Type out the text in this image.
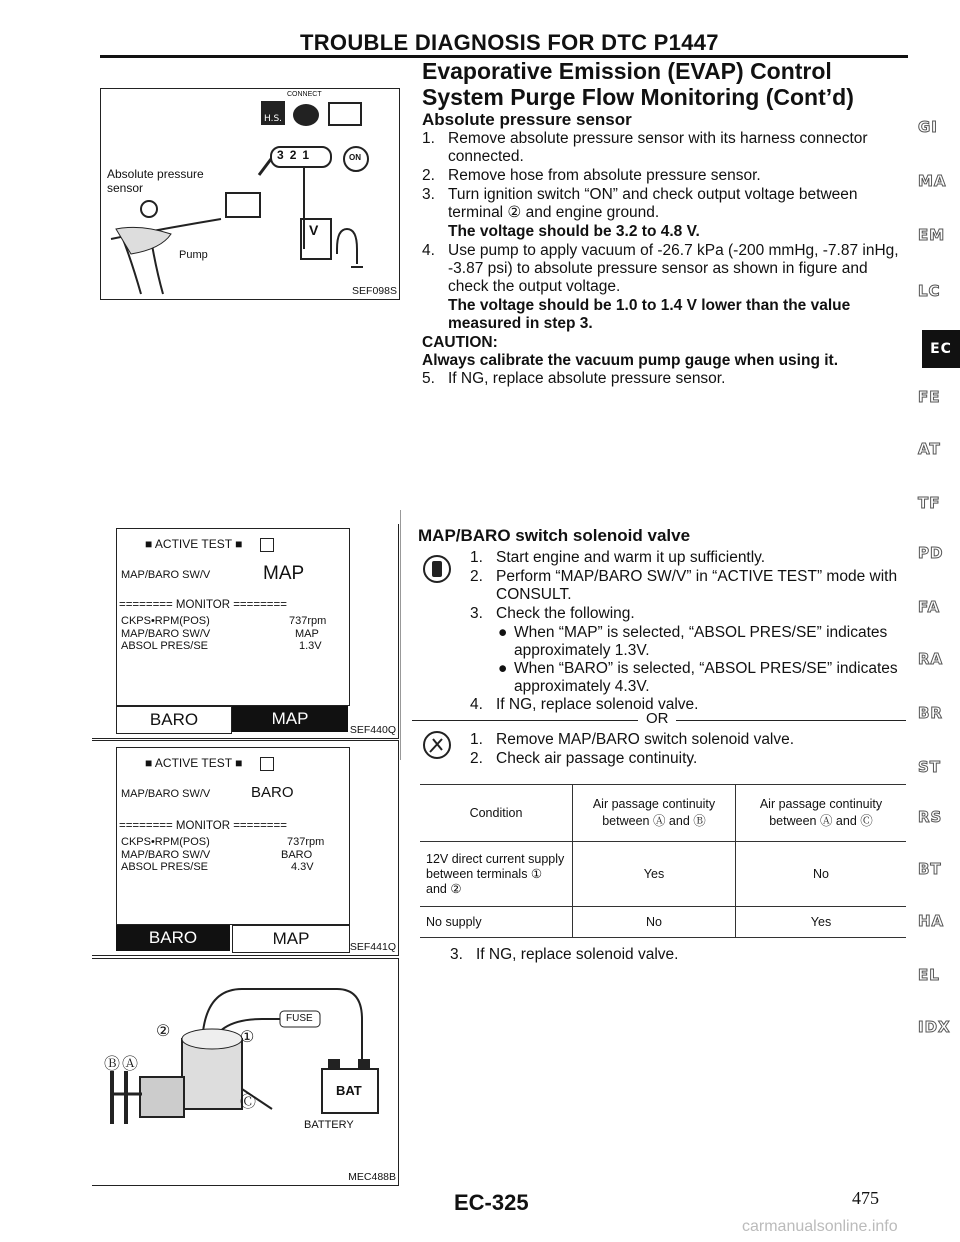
TROUBLE DIAGNOSIS FOR DTC P1447
Evaporative Emission (EVAP) Control System Purge Flow Monitoring (Cont’d)
H.S.
CONNECT
3 2 1	ON
V
Absolute pressure sensor
Pump
SEF098S
Absolute pressure sensor
1. Remove absolute pressure sensor with its harness connector connected.
2. Remove hose from absolute pressure sensor.
3. Turn ignition switch “ON” and check output voltage between terminal ② and engine ground.
The voltage should be 3.2 to 4.8 V.
4. Use pump to apply vacuum of -26.7 kPa (-200 mmHg, -7.87 inHg, -3.87 psi) to absolute pressure sensor as shown in figure and check the output voltage.
The voltage should be 1.0 to 1.4 V lower than the value measured in step 3.
CAUTION:
Always calibrate the vacuum pump gauge when using it.
5. If NG, replace absolute pressure sensor.
GI
MA
EM
LC
EC
FE
AT
TF
PD
FA
RA
BR
ST
RS
BT
HA
EL
IDX
■ ACTIVE TEST ■
MAP/BARO SW/V	MAP
======== MONITOR ========
CKPS•RPM(POS)	737rpm
MAP/BARO SW/V	MAP
ABSOL PRES/SE	1.3V
BARO	MAP
SEF440Q
■ ACTIVE TEST ■
MAP/BARO SW/V	BARO
======== MONITOR ========
CKPS•RPM(POS)	737rpm
MAP/BARO SW/V	BARO
ABSOL PRES/SE	4.3V
BARO	MAP	SEF441Q
②	①
Ⓑ Ⓐ
Ⓒ
FUSE
BAT
BATTERY
MEC488B
MAP/BARO switch solenoid valve
1. Start engine and warm it up sufficiently.
2. Perform “MAP/BARO SW/V” in “ACTIVE TEST” mode with CONSULT.
3. Check the following.
● When “MAP” is selected, “ABSOL PRES/SE” indicates approximately 1.3V.
● When “BARO” is selected, “ABSOL PRES/SE” indicates approximately 4.3V.
4. If NG, replace solenoid valve.
OR
1. Remove MAP/BARO switch solenoid valve.
2. Check air passage continuity.
Condition	Air passage continuity between Ⓐ and Ⓑ	Air passage continuity between Ⓐ and Ⓒ
12V direct current supply between terminals ① and ②	Yes	No
No supply	No	Yes
3. If NG, replace solenoid valve.
EC-325	475
carmanualsonline.info
